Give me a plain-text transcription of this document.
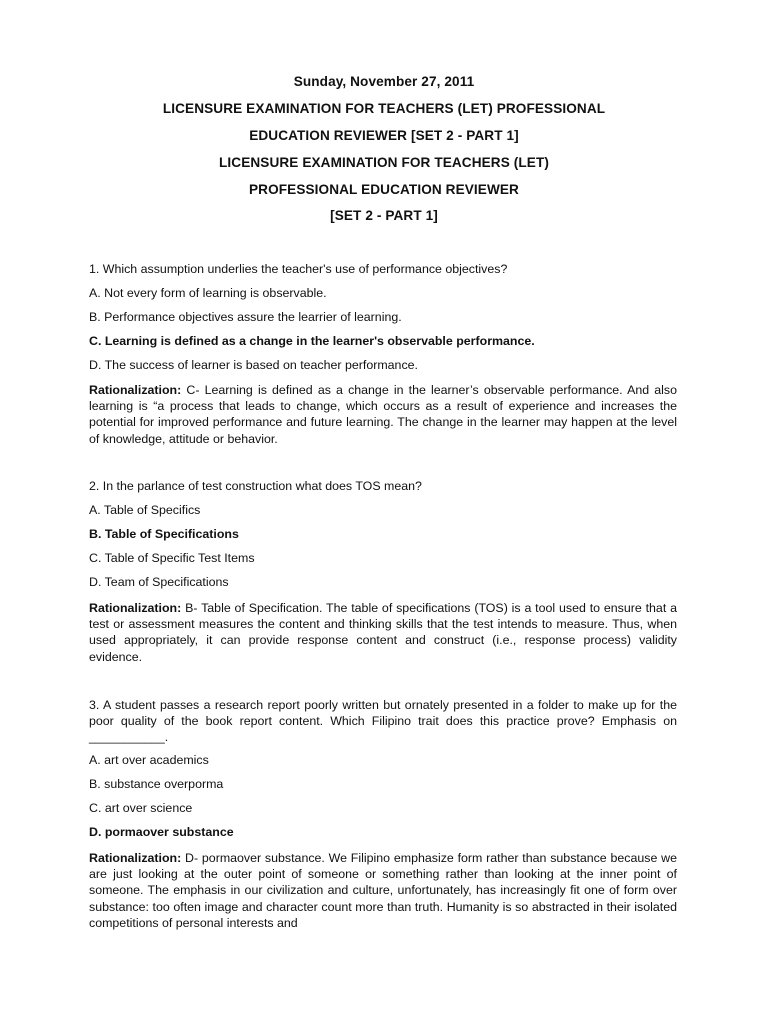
Sunday, November 27, 2011
LICENSURE EXAMINATION FOR TEACHERS (LET) PROFESSIONAL
EDUCATION REVIEWER [SET 2 - PART 1]
LICENSURE EXAMINATION FOR TEACHERS (LET)
PROFESSIONAL EDUCATION REVIEWER
[SET 2 - PART 1]
1. Which assumption underlies the teacher's use of performance objectives?
A. Not every form of learning is observable.
B. Performance objectives assure the learrier of learning.
C. Learning is defined as a change in the learner's observable performance.
D. The success of learner is based on teacher performance.
Rationalization: C- Learning is defined as a change in the learner’s observable performance. And also learning is “a process that leads to change, which occurs as a result of experience and increases the potential for improved performance and future learning. The change in the learner may happen at the level of knowledge, attitude or behavior.
2. In the parlance of test construction what does TOS mean?
A. Table of Specifics
B. Table of Specifications
C. Table of Specific Test Items
D. Team of Specifications
Rationalization: B- Table of Specification. The table of specifications (TOS) is a tool used to ensure that a test or assessment measures the content and thinking skills that the test intends to measure. Thus, when used appropriately, it can provide response content and construct (i.e., response process) validity evidence.
3. A student passes a research report poorly written but ornately presented in a folder to make up for the poor quality of the book report content. Which Filipino trait does this practice prove? Emphasis on ___________.
A. art over academics
B. substance overporma
C. art over science
D. pormaover substance
Rationalization: D- pormaover substance. We Filipino emphasize form rather than substance because we are just looking at the outer point of someone or something rather than looking at the inner point of someone. The emphasis in our civilization and culture, unfortunately, has increasingly fit one of form over substance: too often image and character count more than truth. Humanity is so abstracted in their isolated competitions of personal interests and
